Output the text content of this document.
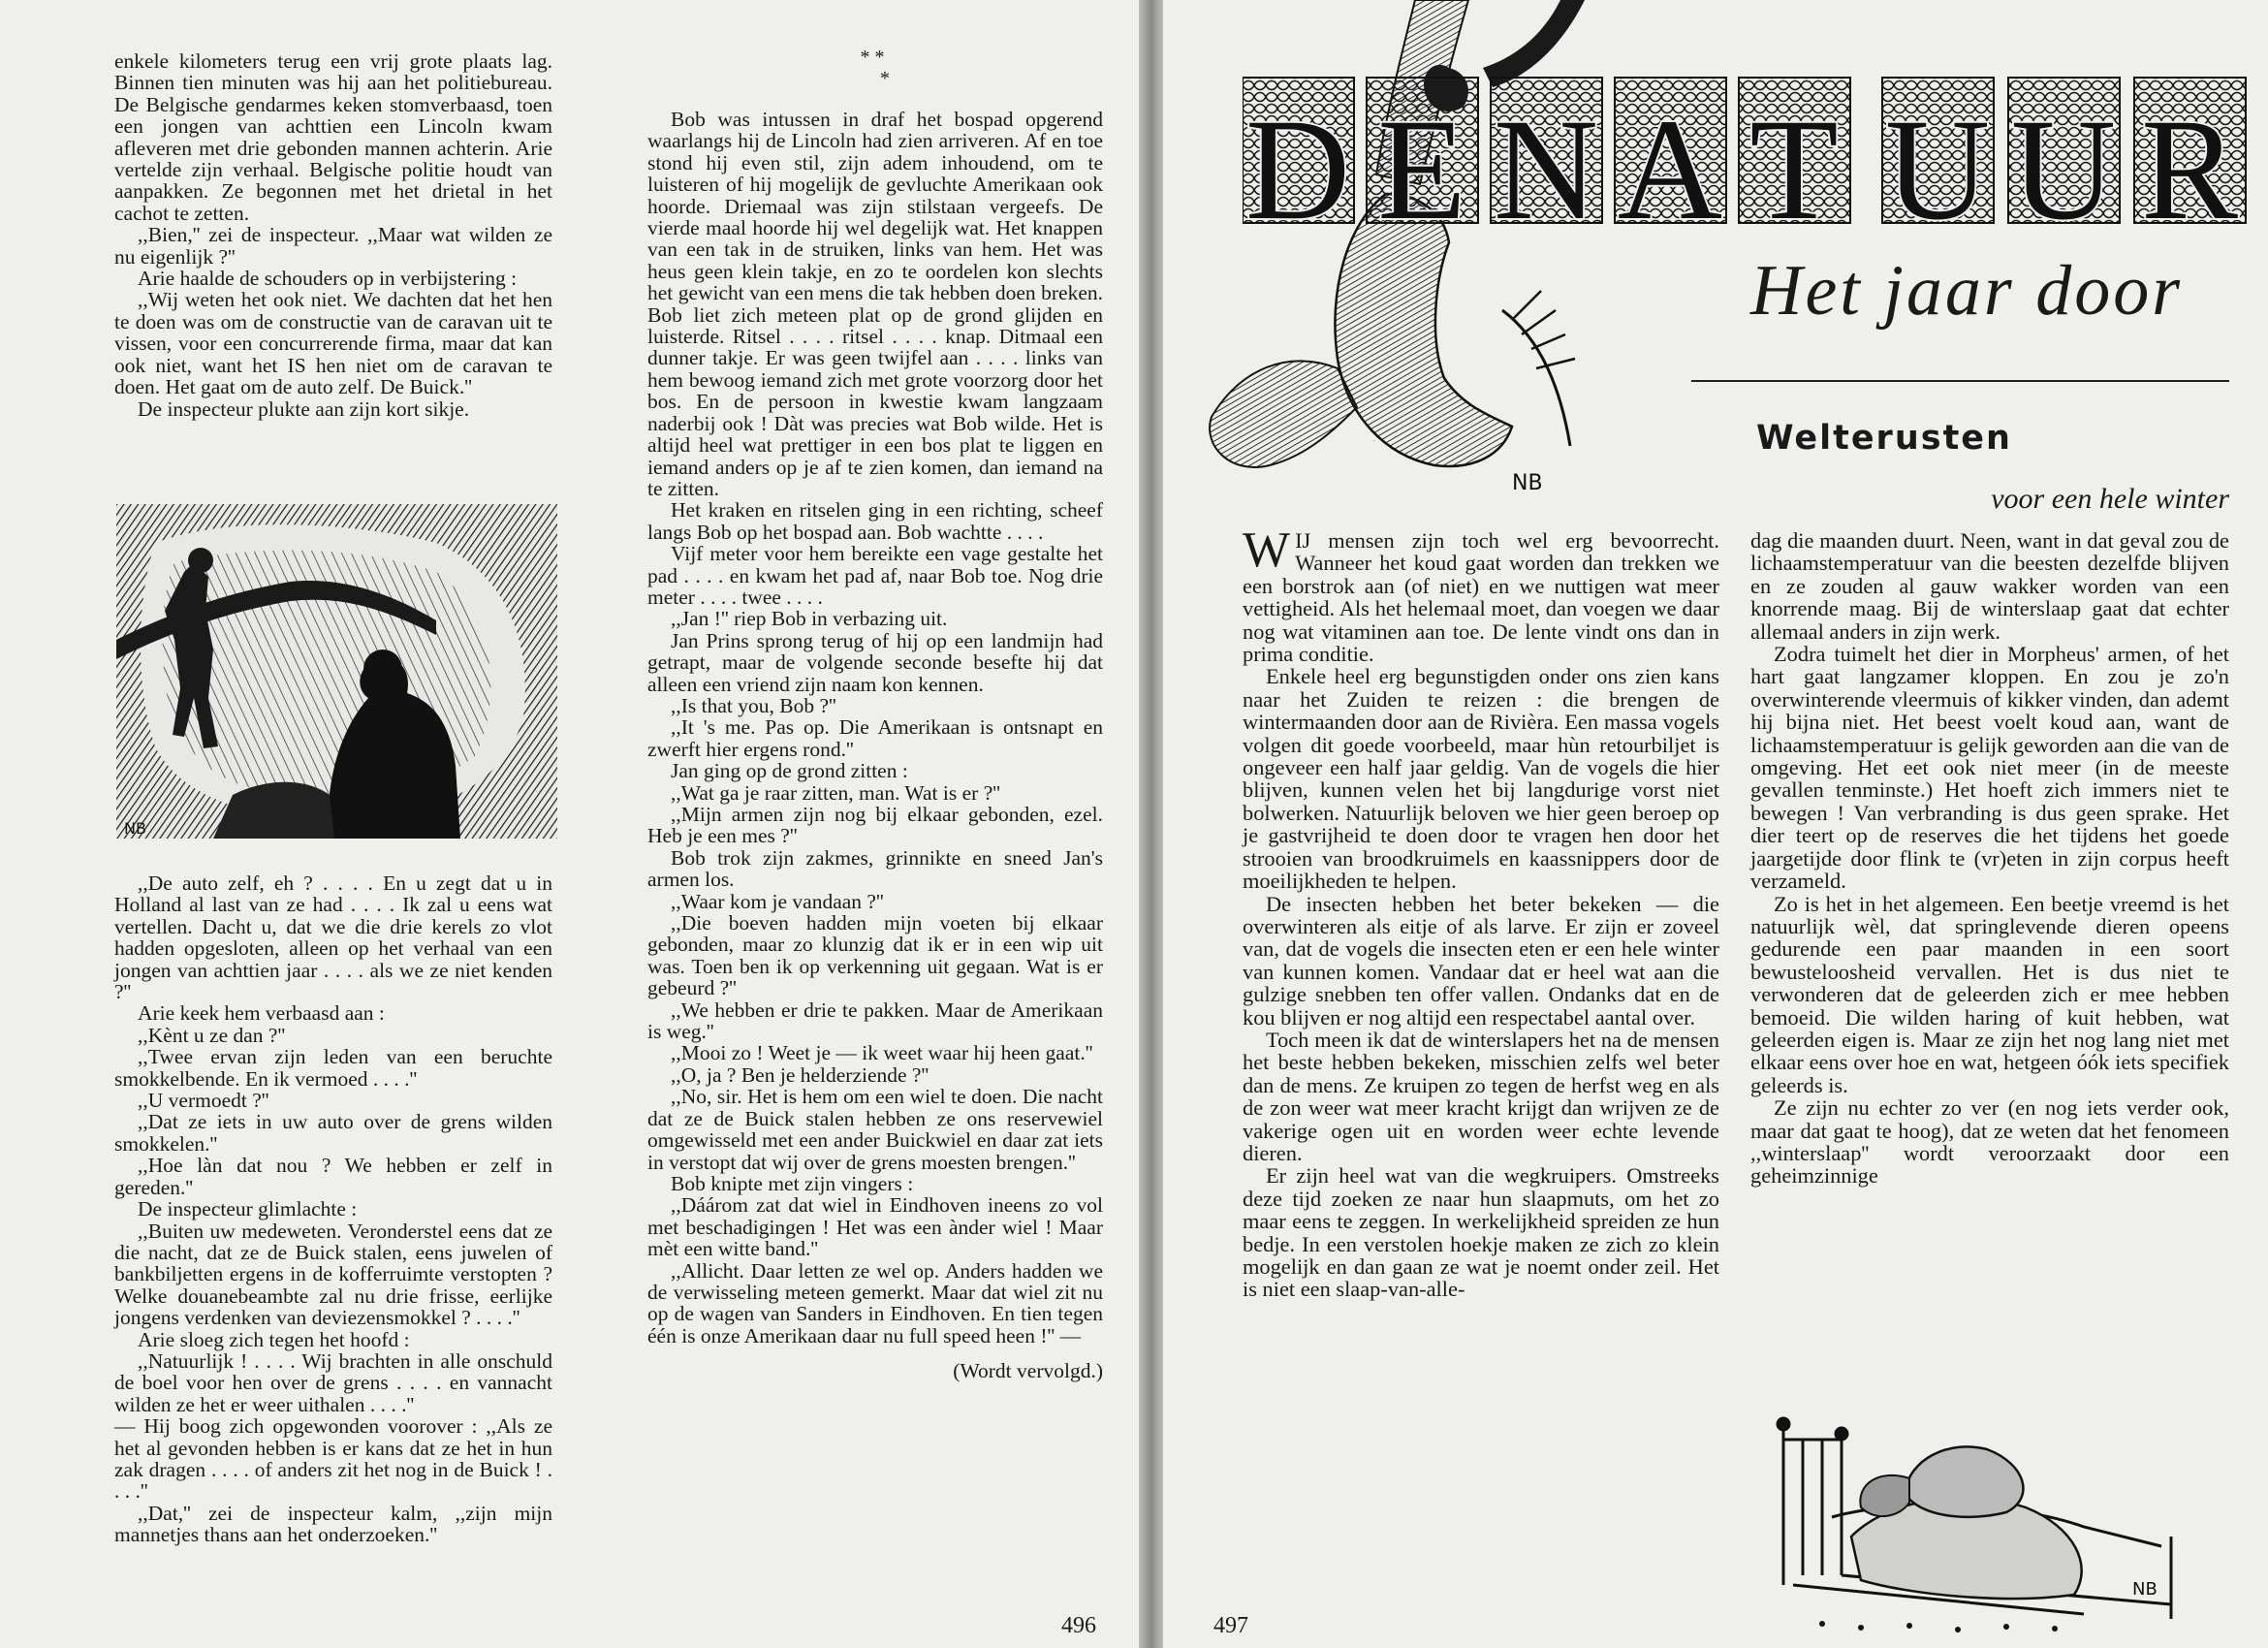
enkele kilometers terug een vrij grote plaats lag. Binnen tien minuten was hij aan het politiebureau. De Belgische gendarmes keken stomverbaasd, toen een jongen van achttien een Lincoln kwam afleveren met drie gebonden mannen achterin. Arie vertelde zijn verhaal. Belgische politie houdt van aanpakken. Ze begonnen met het drietal in het cachot te zetten.

,,Bien,'' zei de inspecteur. ,,Maar wat wilden ze nu eigenlijk ?''

Arie haalde de schouders op in verbijstering :

,,Wij weten het ook niet. We dachten dat het hen te doen was om de constructie van de caravan uit te vissen, voor een concurrerende firma, maar dat kan ook niet, want het IS hen niet om de caravan te doen. Het gaat om de auto zelf. De Buick.''

De inspecteur plukte aan zijn kort sikje.

NB

,,De auto zelf, eh ? . . . . En u zegt dat u in Holland al last van ze had . . . . Ik zal u eens wat vertellen. Dacht u, dat we die drie kerels zo vlot hadden opgesloten, alleen op het verhaal van een jongen van achttien jaar . . . . als we ze niet kenden ?''

Arie keek hem verbaasd aan :

,,Kènt u ze dan ?''

,,Twee ervan zijn leden van een beruchte smokkelbende. En ik vermoed . . . .''

,,U vermoedt ?''

,,Dat ze iets in uw auto over de grens wilden smokkelen.''

,,Hoe làn dat nou ? We hebben er zelf in gereden.''

De inspecteur glimlachte :

,,Buiten uw medeweten. Veronderstel eens dat ze die nacht, dat ze de Buick stalen, eens juwelen of bankbiljetten ergens in de kofferruimte verstopten ? Welke douanebeambte zal nu drie frisse, eerlijke jongens verdenken van deviezensmokkel ? . . . .''

Arie sloeg zich tegen het hoofd :

,,Natuurlijk ! . . . . Wij brachten in alle onschuld de boel voor hen over de grens . . . . en vannacht wilden ze het er weer uithalen . . . .''

— Hij boog zich opgewonden voorover : ,,Als ze het al gevonden hebben is er kans dat ze het in hun zak dragen . . . . of anders zit het nog in de Buick ! . . . .''

,,Dat,'' zei de inspecteur kalm, ,,zijn mijn mannetjes thans aan het onderzoeken.''

* *
*

Bob was intussen in draf het bospad opgerend waarlangs hij de Lincoln had zien arriveren. Af en toe stond hij even stil, zijn adem inhoudend, om te luisteren of hij mogelijk de gevluchte Amerikaan ook hoorde. Driemaal was zijn stilstaan vergeefs. De vierde maal hoorde hij wel degelijk wat. Het knappen van een tak in de struiken, links van hem. Het was heus geen klein takje, en zo te oordelen kon slechts het gewicht van een mens die tak hebben doen breken. Bob liet zich meteen plat op de grond glijden en luisterde. Ritsel . . . . ritsel . . . . knap. Ditmaal een dunner takje. Er was geen twijfel aan . . . . links van hem bewoog iemand zich met grote voorzorg door het bos. En de persoon in kwestie kwam langzaam naderbij ook ! Dàt was precies wat Bob wilde. Het is altijd heel wat prettiger in een bos plat te liggen en iemand anders op je af te zien komen, dan iemand na te zitten.

Het kraken en ritselen ging in een richting, scheef langs Bob op het bospad aan. Bob wachtte . . . .

Vijf meter voor hem bereikte een vage gestalte het pad . . . . en kwam het pad af, naar Bob toe. Nog drie meter . . . . twee . . . .

,,Jan !'' riep Bob in verbazing uit.

Jan Prins sprong terug of hij op een landmijn had getrapt, maar de volgende seconde besefte hij dat alleen een vriend zijn naam kon kennen.

,,Is that you, Bob ?''

,,It 's me. Pas op. Die Amerikaan is ontsnapt en zwerft hier ergens rond.''

Jan ging op de grond zitten :

,,Wat ga je raar zitten, man. Wat is er ?''

,,Mijn armen zijn nog bij elkaar gebonden, ezel. Heb je een mes ?''

Bob trok zijn zakmes, grinnikte en sneed Jan's armen los.

,,Waar kom je vandaan ?''

,,Die boeven hadden mijn voeten bij elkaar gebonden, maar zo klunzig dat ik er in een wip uit was. Toen ben ik op verkenning uit gegaan. Wat is er gebeurd ?''

,,We hebben er drie te pakken. Maar de Amerikaan is weg.''

,,Mooi zo ! Weet je — ik weet waar hij heen gaat.''

,,O, ja ? Ben je helderziende ?''

,,No, sir. Het is hem om een wiel te doen. Die nacht dat ze de Buick stalen hebben ze ons reservewiel omgewisseld met een ander Buickwiel en daar zat iets in verstopt dat wij over de grens moesten brengen.''

Bob knipte met zijn vingers :

,,Dáárom zat dat wiel in Eindhoven ineens zo vol met beschadigingen ! Het was een ànder wiel ! Maar mèt een witte band.''

,,Allicht. Daar letten ze wel op. Anders hadden we de verwisseling meteen gemerkt. Maar dat wiel zit nu op de wagen van Sanders in Eindhoven. En tien tegen één is onze Amerikaan daar nu full speed heen !'' —

(Wordt vervolgd.)

496
NB
D E N A T U U R
Het jaar door
Welterusten
voor een hele winter
W IJ mensen zijn toch wel erg bevoorrecht. Wanneer het koud gaat worden dan trekken we een borstrok aan (of niet) en we nuttigen wat meer vettigheid. Als het helemaal moet, dan voegen we daar nog wat vitaminen aan toe. De lente vindt ons dan in prima conditie.

Enkele heel erg begunstigden onder ons zien kans naar het Zuiden te reizen : die brengen de wintermaanden door aan de Rivièra. Een massa vogels volgen dit goede voorbeeld, maar hùn retourbiljet is ongeveer een half jaar geldig. Van de vogels die hier blijven, kunnen velen het bij langdurige vorst niet bolwerken. Natuurlijk beloven we hier geen beroep op je gastvrijheid te doen door te vragen hen door het strooien van broodkruimels en kaassnippers door de moeilijkheden te helpen.

De insecten hebben het beter bekeken — die overwinteren als eitje of als larve. Er zijn er zoveel van, dat de vogels die insecten eten er een hele winter van kunnen komen. Vandaar dat er heel wat aan die gulzige snebben ten offer vallen. Ondanks dat en de kou blijven er nog altijd een respectabel aantal over.

Toch meen ik dat de winterslapers het na de mensen het beste hebben bekeken, misschien zelfs wel beter dan de mens. Ze kruipen zo tegen de herfst weg en als de zon weer wat meer kracht krijgt dan wrijven ze de vakerige ogen uit en worden weer echte levende dieren.

Er zijn heel wat van die wegkruipers. Omstreeks deze tijd zoeken ze naar hun slaapmuts, om het zo maar eens te zeggen. In werkelijkheid spreiden ze hun bedje. In een verstolen hoekje maken ze zich zo klein mogelijk en dan gaan ze wat je noemt onder zeil. Het is niet een slaap-van-alle-

dag die maanden duurt. Neen, want in dat geval zou de lichaamstemperatuur van die beesten dezelfde blijven en ze zouden al gauw wakker worden van een knorrende maag. Bij de winterslaap gaat dat echter allemaal anders in zijn werk.

Zodra tuimelt het dier in Morpheus' armen, of het hart gaat langzamer kloppen. En zou je zo'n overwinterende vleermuis of kikker vinden, dan ademt hij bijna niet. Het beest voelt koud aan, want de lichaamstemperatuur is gelijk geworden aan die van de omgeving. Het eet ook niet meer (in de meeste gevallen tenminste.) Het hoeft zich immers niet te bewegen ! Van verbranding is dus geen sprake. Het dier teert op de reserves die het tijdens het goede jaargetijde door flink te (vr)eten in zijn corpus heeft verzameld.

Zo is het in het algemeen. Een beetje vreemd is het natuurlijk wèl, dat springlevende dieren opeens gedurende een paar maanden in een soort bewusteloosheid vervallen. Het is dus niet te verwonderen dat de geleerden zich er mee hebben bemoeid. Die wilden haring of kuit hebben, wat geleerden eigen is. Maar ze zijn het nog lang niet met elkaar eens over hoe en wat, hetgeen óók iets specifiek geleerds is.

Ze zijn nu echter zo ver (en nog iets verder ook, maar dat gaat te hoog), dat ze weten dat het fenomeen ,,winterslaap'' wordt veroorzaakt door een geheimzinnige

NB
497
